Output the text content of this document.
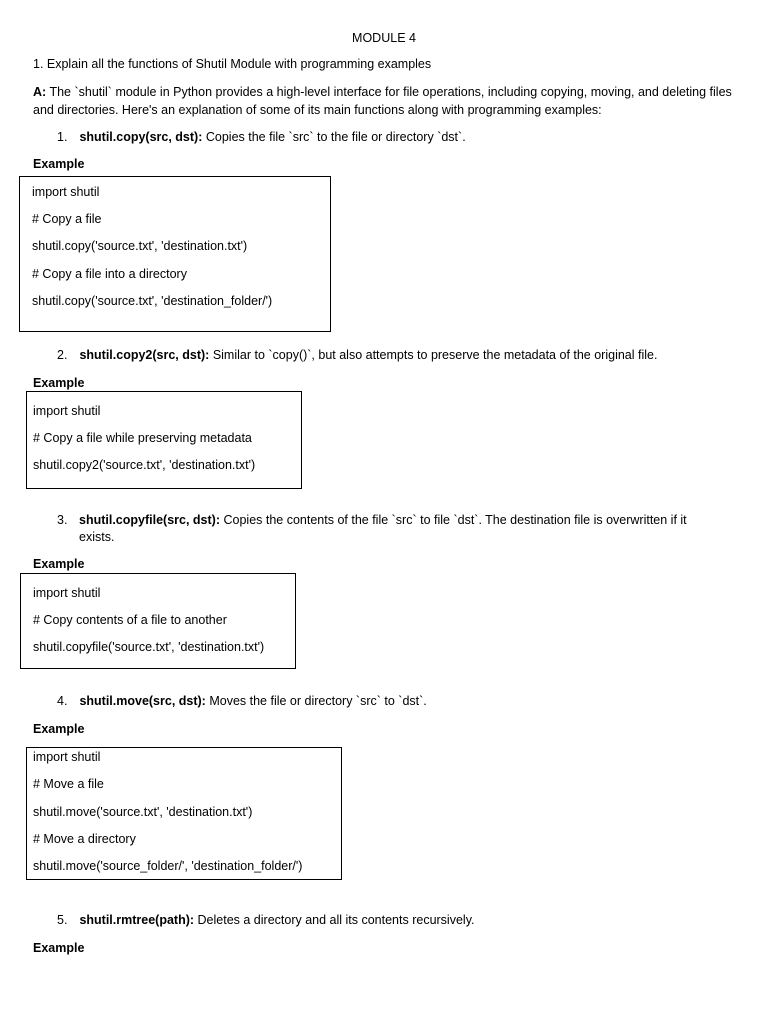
MODULE 4
1. Explain all the functions of Shutil Module with programming examples
A: The `shutil` module in Python provides a high-level interface for file operations, including copying, moving, and deleting files and directories. Here's an explanation of some of its main functions along with programming examples:
1. shutil.copy(src, dst): Copies the file `src` to the file or directory `dst`.
Example
import shutil
# Copy a file
shutil.copy('source.txt', 'destination.txt')
# Copy a file into a directory
shutil.copy('source.txt', 'destination_folder/')
2. shutil.copy2(src, dst): Similar to `copy()`, but also attempts to preserve the metadata of the original file.
Example
import shutil
# Copy a file while preserving metadata
shutil.copy2('source.txt', 'destination.txt')
3. shutil.copyfile(src, dst): Copies the contents of the file `src` to file `dst`. The destination file is overwritten if it exists.
Example
import shutil
# Copy contents of a file to another
shutil.copyfile('source.txt', 'destination.txt')
4. shutil.move(src, dst): Moves the file or directory `src` to `dst`.
Example
import shutil
# Move a file
shutil.move('source.txt', 'destination.txt')
# Move a directory
shutil.move('source_folder/', 'destination_folder/')
5. shutil.rmtree(path): Deletes a directory and all its contents recursively.
Example
